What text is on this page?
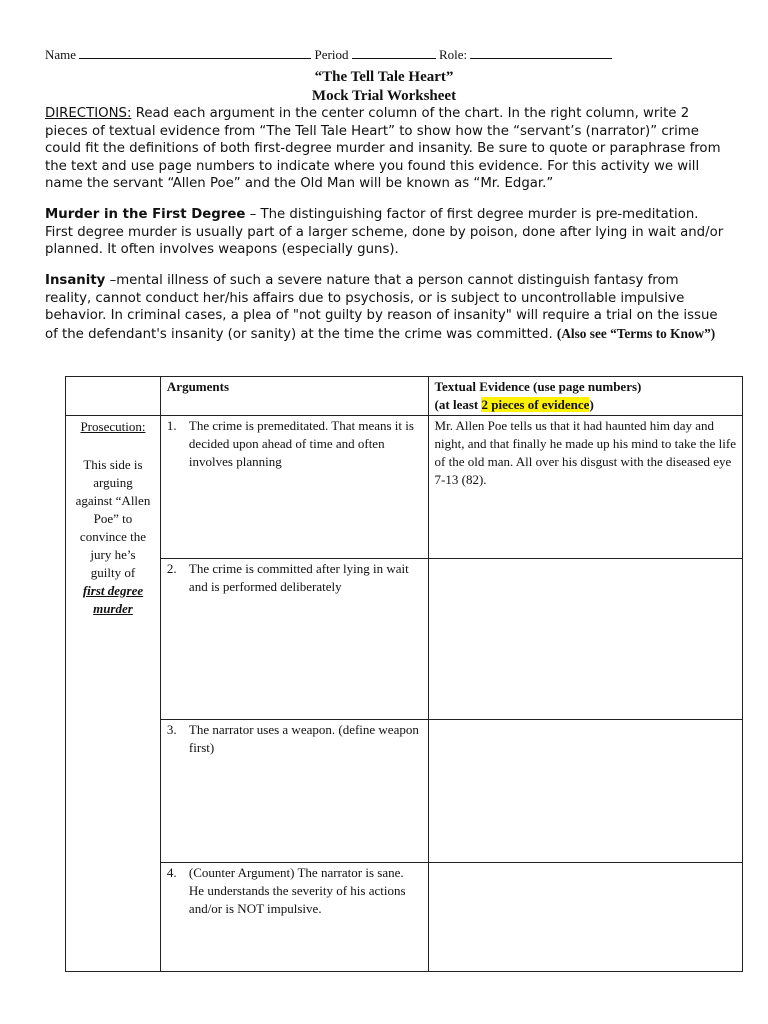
Name	Period	Role:
“The Tell Tale Heart”
Mock Trial Worksheet
DIRECTIONS: Read each argument in the center column of the chart. In the right column, write 2 pieces of textual evidence from “The Tell Tale Heart” to show how the “servant’s (narrator)” crime could fit the definitions of both first-degree murder and insanity. Be sure to quote or paraphrase from the text and use page numbers to indicate where you found this evidence. For this activity we will name the servant “Allen Poe” and the Old Man will be known as “Mr. Edgar.”
Murder in the First Degree – The distinguishing factor of first degree murder is pre-meditation. First degree murder is usually part of a larger scheme, done by poison, done after lying in wait and/or planned. It often involves weapons (especially guns).
Insanity –mental illness of such a severe nature that a person cannot distinguish fantasy from reality, cannot conduct her/his affairs due to psychosis, or is subject to uncontrollable impulsive behavior. In criminal cases, a plea of "not guilty by reason of insanity" will require a trial on the issue of the defendant's insanity (or sanity) at the time the crime was committed. (Also see “Terms to Know”)
	Arguments	Textual Evidence (use page numbers)
(at least 2 pieces of evidence)

Prosecution:
This side is arguing against “Allen Poe” to convince the jury he’s guilty of
first degree murder	1. The crime is premeditated. That means it is decided upon ahead of time and often involves planning	Mr. Allen Poe tells us that it had haunted him day and night, and that finally he made up his mind to take the life of the old man. All over his disgust with the diseased eye 7-13 (82).

	2. The crime is committed after lying in wait and is performed deliberately	

	3. The narrator uses a weapon. (define weapon first)	

	4. (Counter Argument) The narrator is sane. He understands the severity of his actions and/or is NOT impulsive.	
